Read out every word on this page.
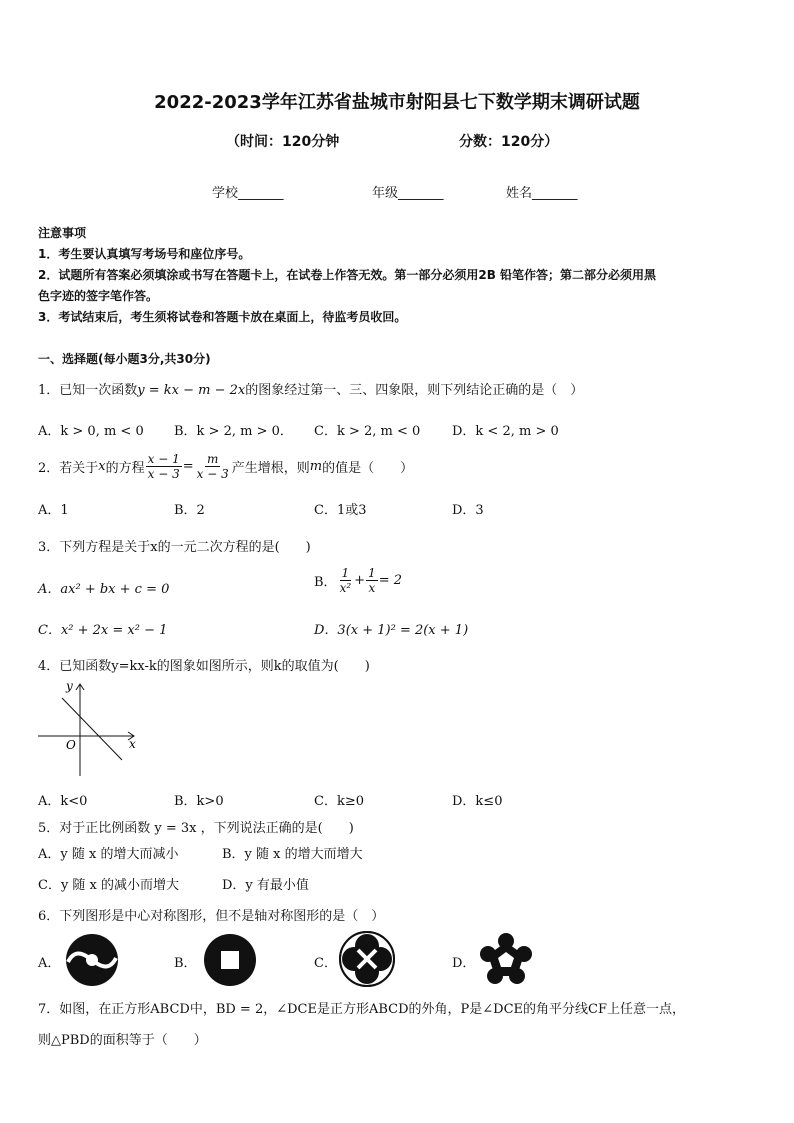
2022-2023学年江苏省盐城市射阳县七下数学期末调研试题
（时间：120分钟	分数：120分）
学校_______	年级_______	姓名_______
注意事项
1．考生要认真填写考场号和座位序号。
2．试题所有答案必须填涂或书写在答题卡上，在试卷上作答无效。第一部分必须用2B 铅笔作答；第二部分必须用黑
色字迹的签字笔作答。
3．考试结束后，考生须将试卷和答题卡放在桌面上，待监考员收回。
一、选择题(每小题3分,共30分)
1．已知一次函数y = kx − m − 2x的图象经过第一、三、四象限，则下列结论正确的是（　）
A．k > 0, m < 0 B．k > 2, m > 0． C．k > 2, m < 0 D．k < 2, m > 0
2．若关于 x 的方程 $\frac{x - 1}{x - 3} = \frac{m}{x - 3}$ 产生增根，则 m 的值是（　　）
A．1	B．2	C．1或3	D．3
3．下列方程是关于x的一元二次方程的是(　　)
A．ax² + bx + c = 0	B． $\frac{1}{\text{x²}} + \frac{1}{x} = 2$
C．x² + 2x = x² − 1	D．3(x + 1)² = 2(x + 1)
4．已知函数y=kx-k的图象如图所示，则k的取值为(　　)
y
x
O
A．k<0	B．k>0	C．k≥0	D．k≤0
5．对于正比例函数 y = 3x ，下列说法正确的是(　　)
A．y 随 x 的增大而减小	B．y 随 x 的增大而增大
C．y 随 x 的减小而增大	D．y 有最小值
6．下列图形是中心对称图形，但不是轴对称图形的是（　）
A．	B．	C．	D．
7．如图，在正方形ABCD中，BD = 2，∠DCE是正方形ABCD的外角，P是∠DCE的角平分线CF上任意一点，
则△PBD的面积等于（　　）
